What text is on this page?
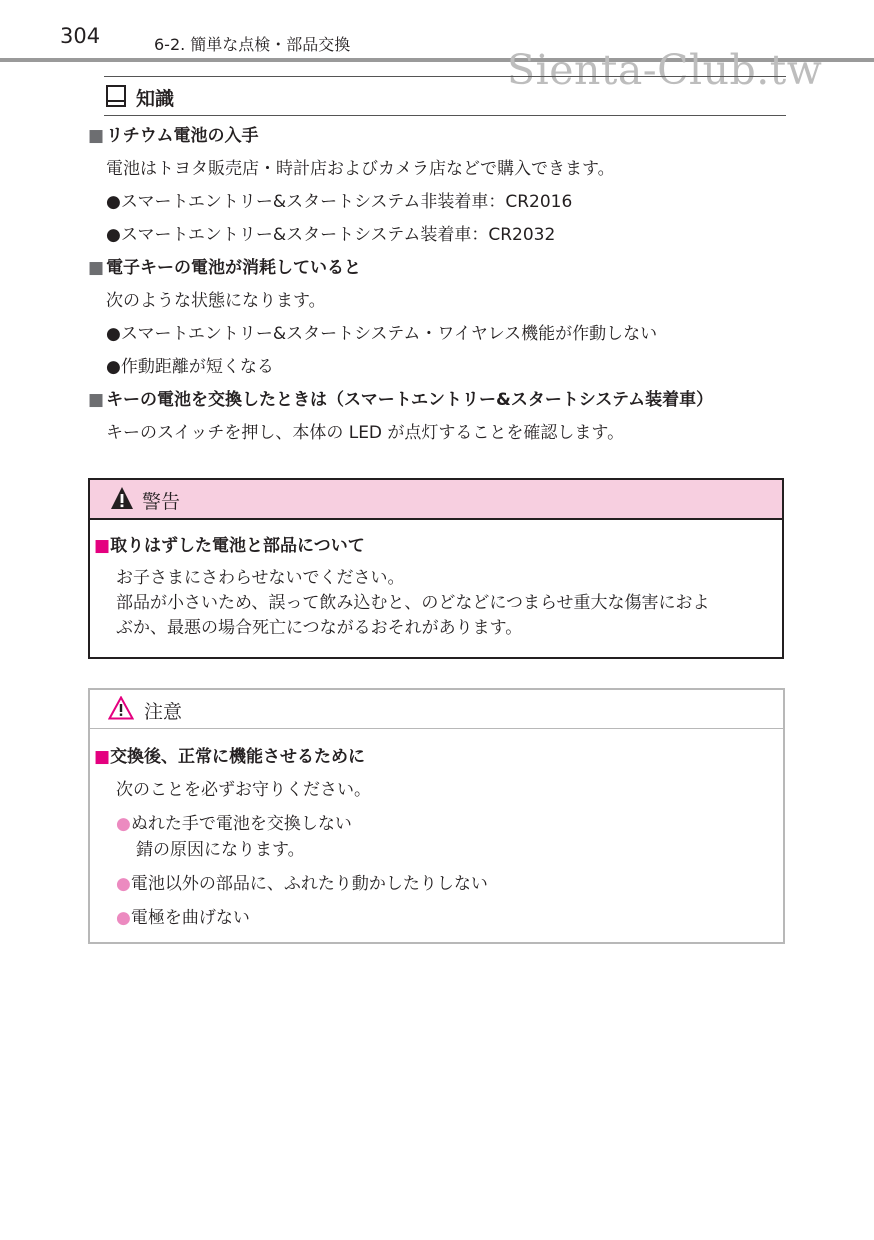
304	6-2. 簡単な点検・部品交換
Sienta-Club.tw
知識
■ リチウム電池の入手
電池はトヨタ販売店・時計店およびカメラ店などで購入できます。
●スマートエントリー&スタートシステム非装着車：CR2016
●スマートエントリー&スタートシステム装着車：CR2032
■ 電子キーの電池が消耗していると
次のような状態になります。
●スマートエントリー&スタートシステム・ワイヤレス機能が作動しない
●作動距離が短くなる
■ キーの電池を交換したときは（スマートエントリー&スタートシステム装着車）
キーのスイッチを押し、本体の LED が点灯することを確認します。
警告
■取りはずした電池と部品について
お子さまにさわらせないでください。
部品が小さいため、誤って飲み込むと、のどなどにつまらせ重大な傷害におよ
ぶか、最悪の場合死亡につながるおそれがあります。
注意
■交換後、正常に機能させるために
次のことを必ずお守りください。
●ぬれた手で電池を交換しない
錆の原因になります。
●電池以外の部品に、ふれたり動かしたりしない
●電極を曲げない
